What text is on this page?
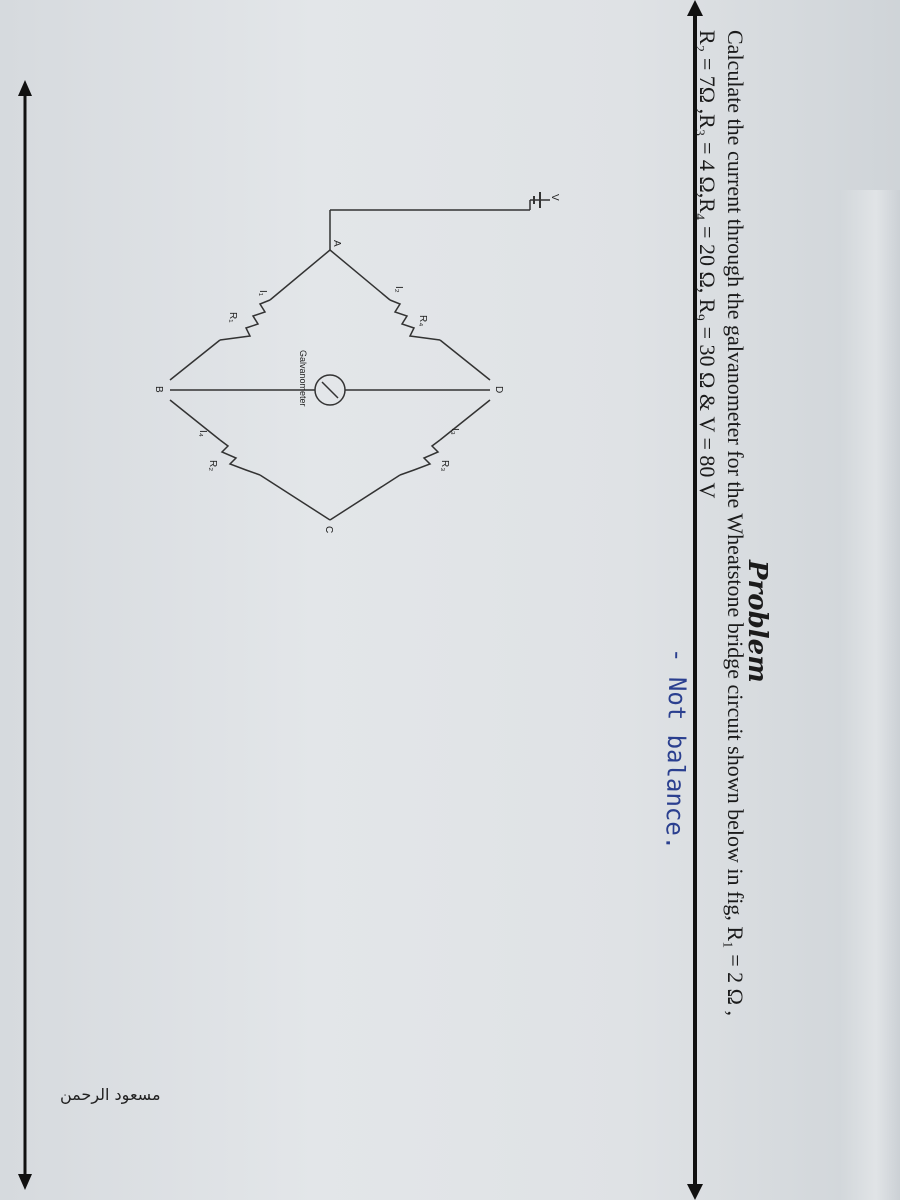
Problem
Calculate the current through the galvanometer for the Wheatstone bridge circuit shown below in fig, R₁ = 2 Ω ,
R₂ = 7Ω ,R₃ = 4 Ω,R₄ = 20 Ω, R₉ = 30 Ω & V = 80 V
- Not balance.
A
D
B
C
V
I₁
I₂
I₃
I₄
R₄
R₁
R₃
R₂
Galvanometer
مسعود الرحمن
